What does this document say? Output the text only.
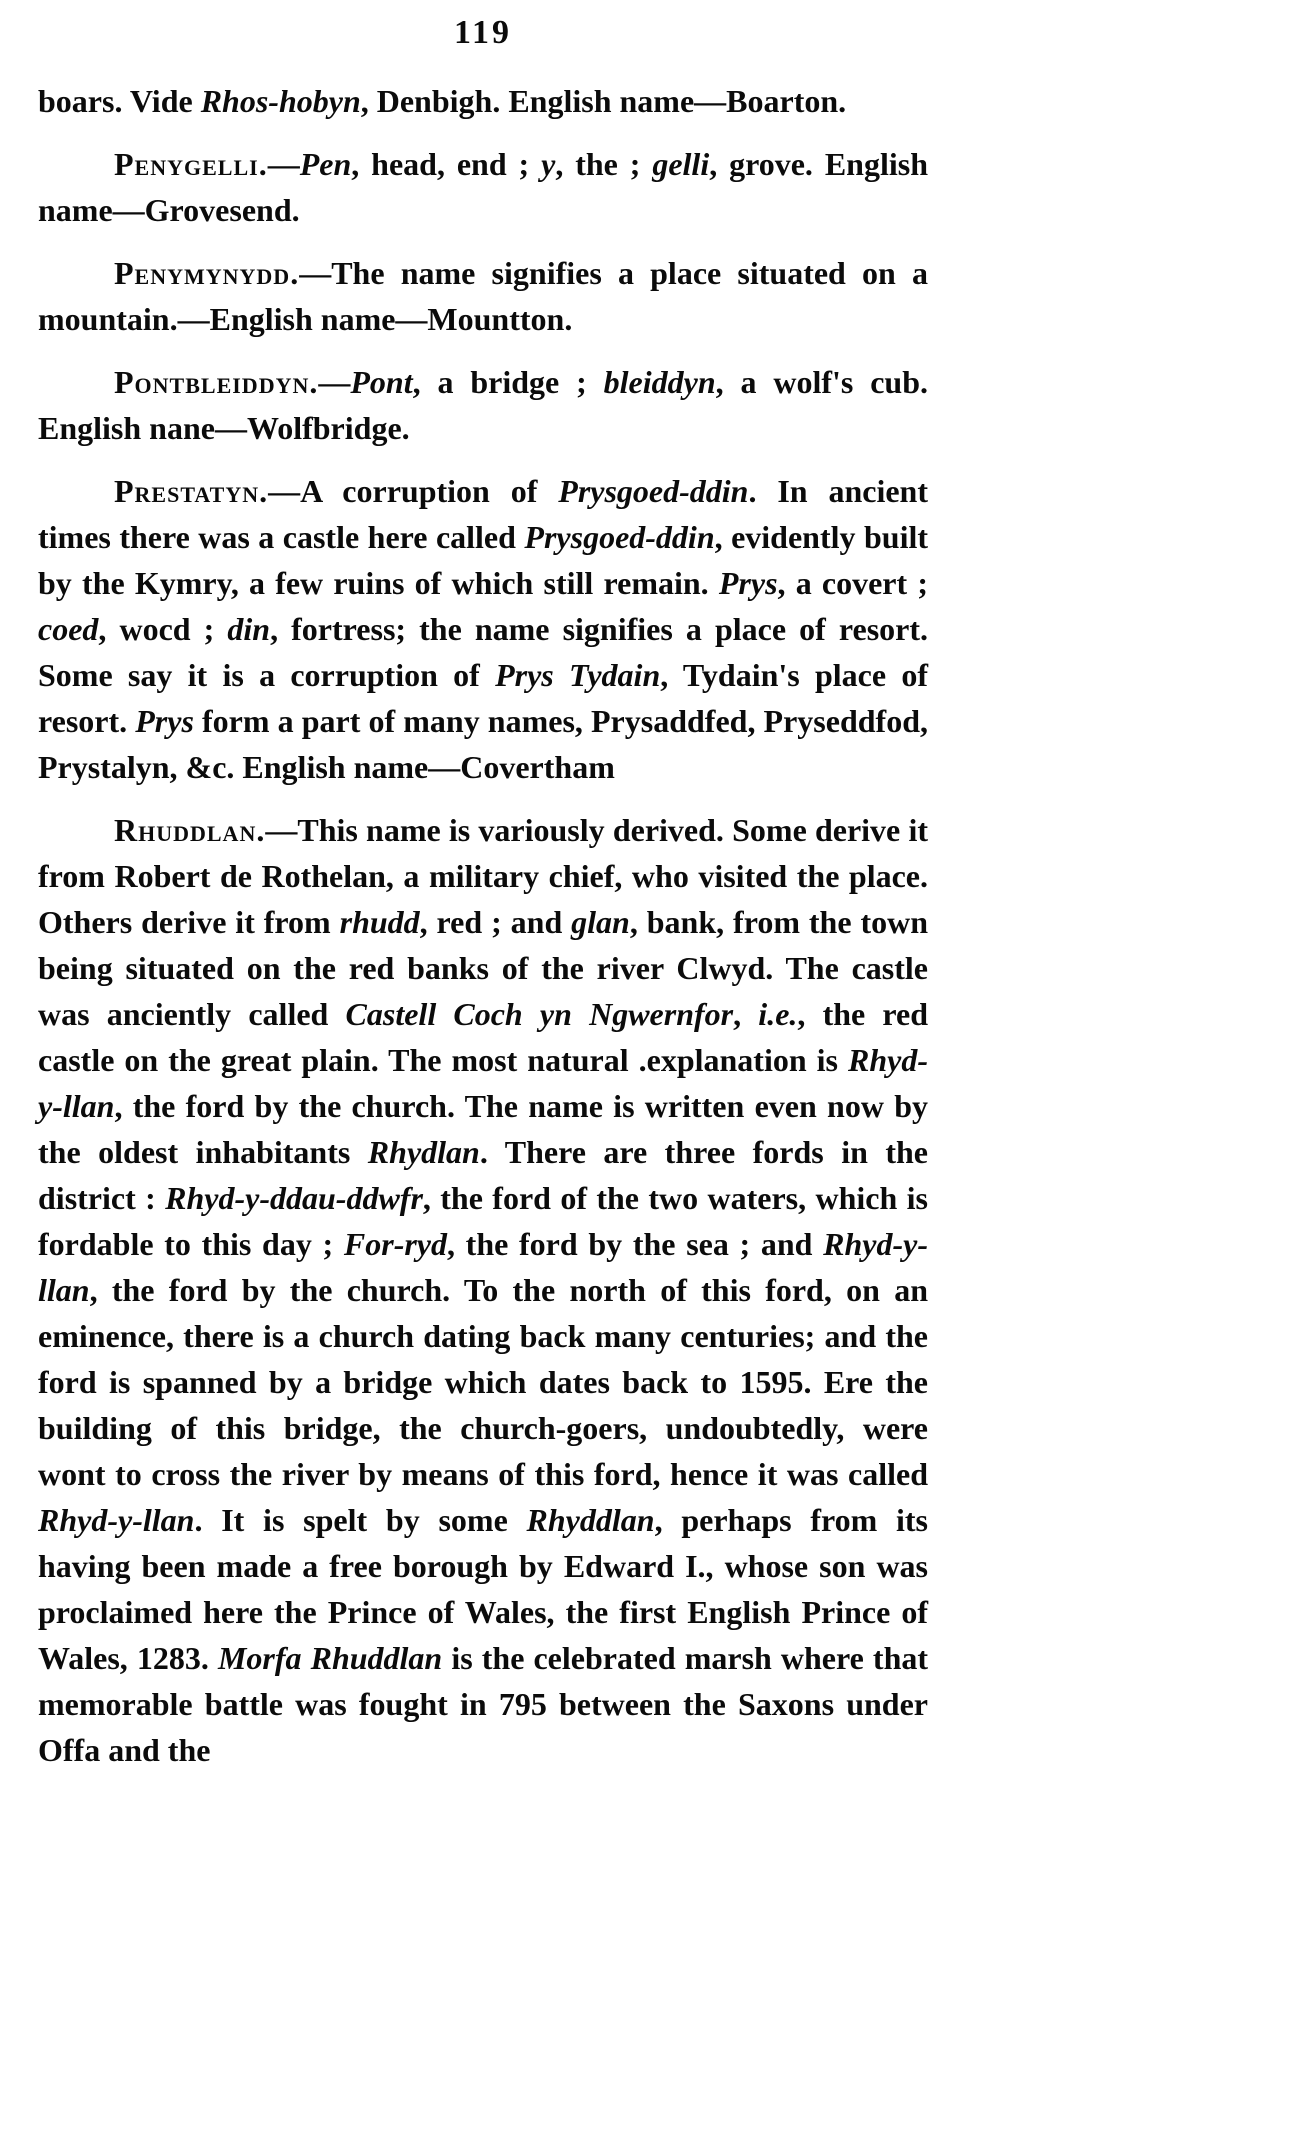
119

boars. Vide Rhos-hobyn, Denbigh. English name—Boarton.

Penygelli.—Pen, head, end ; y, the ; gelli, grove. English name—Grovesend.

Penymynydd.—The name signifies a place situated on a mountain.—English name—Mountton.

Pontbleiddyn.—Pont, a bridge ; bleiddyn, a wolf's cub. English nane—Wolfbridge.

Prestatyn.—A corruption of Prysgoed-ddin. In ancient times there was a castle here called Prysgoed-ddin, evidently built by the Kymry, a few ruins of which still remain. Prys, a covert ; coed, wocd ; din, fortress; the name signifies a place of resort. Some say it is a corruption of Prys Tydain, Tydain's place of resort. Prys form a part of many names, Prysaddfed, Pryseddfod, Prystalyn, &c. English name—Covertham

Rhuddlan.—This name is variously derived. Some derive it from Robert de Rothelan, a military chief, who visited the place. Others derive it from rhudd, red ; and glan, bank, from the town being situated on the red banks of the river Clwyd. The castle was anciently called Castell Coch yn Ngwernfor, i.e., the red castle on the great plain. The most natural .explanation is Rhyd-y-llan, the ford by the church. The name is written even now by the oldest inhabitants Rhydlan. There are three fords in the district : Rhyd-y-ddau-ddwfr, the ford of the two waters, which is fordable to this day ; For-ryd, the ford by the sea ; and Rhyd-y-llan, the ford by the church. To the north of this ford, on an eminence, there is a church dating back many centuries; and the ford is spanned by a bridge which dates back to 1595. Ere the building of this bridge, the church-goers, undoubtedly, were wont to cross the river by means of this ford, hence it was called Rhyd-y-llan. It is spelt by some Rhyddlan, perhaps from its having been made a free borough by Edward I., whose son was proclaimed here the Prince of Wales, the first English Prince of Wales, 1283. Morfa Rhuddlan is the celebrated marsh where that memorable battle was fought in 795 between the Saxons under Offa and the
